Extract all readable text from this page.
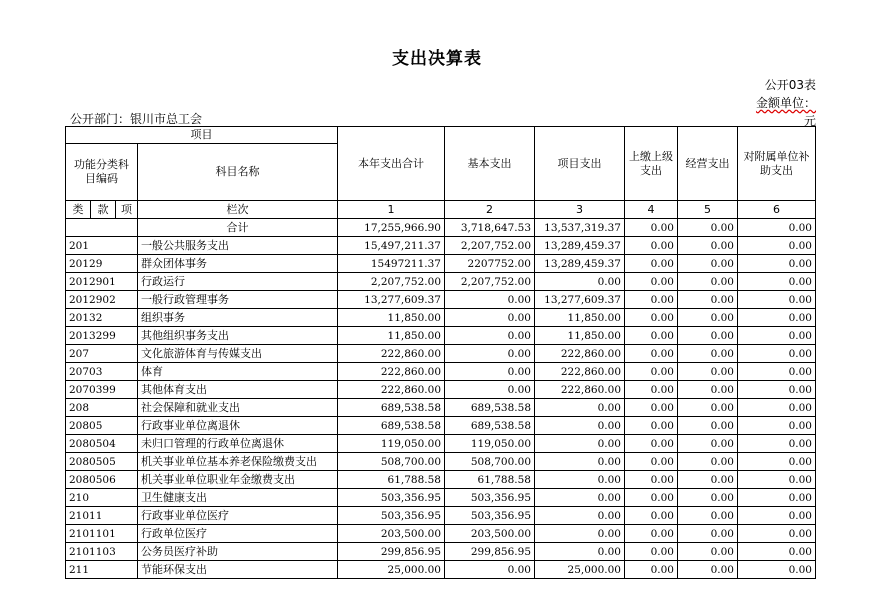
支出决算表
公开03表
金额单位：
元
公开部门：银川市总工会
项目				本年支出合计	基本支出	项目支出	上缴上级支出	经营支出	对附属单位补助支出
功能分类科目编码			科目名称						
类	款	项							
			栏次	1	2	3	4	5	6
			合计	17,255,966.90	3,718,647.53	13,537,319.37	0.00	0.00	0.00
201			一般公共服务支出	15,497,211.37	2,207,752.00	13,289,459.37	0.00	0.00	0.00
20129			群众团体事务	15497211.37	2207752.00	13,289,459.37	0.00	0.00	0.00
2012901			行政运行	2,207,752.00	2,207,752.00	0.00	0.00	0.00	0.00
2012902			一般行政管理事务	13,277,609.37	0.00	13,277,609.37	0.00	0.00	0.00
20132			组织事务	11,850.00	0.00	11,850.00	0.00	0.00	0.00
2013299			其他组织事务支出	11,850.00	0.00	11,850.00	0.00	0.00	0.00
207			文化旅游体育与传媒支出	222,860.00	0.00	222,860.00	0.00	0.00	0.00
20703			体育	222,860.00	0.00	222,860.00	0.00	0.00	0.00
2070399			其他体育支出	222,860.00	0.00	222,860.00	0.00	0.00	0.00
208			社会保障和就业支出	689,538.58	689,538.58	0.00	0.00	0.00	0.00
20805			行政事业单位离退休	689,538.58	689,538.58	0.00	0.00	0.00	0.00
2080504			未归口管理的行政单位离退休	119,050.00	119,050.00	0.00	0.00	0.00	0.00
2080505			机关事业单位基本养老保险缴费支出	508,700.00	508,700.00	0.00	0.00	0.00	0.00
2080506			机关事业单位职业年金缴费支出	61,788.58	61,788.58	0.00	0.00	0.00	0.00
210			卫生健康支出	503,356.95	503,356.95	0.00	0.00	0.00	0.00
21011			行政事业单位医疗	503,356.95	503,356.95	0.00	0.00	0.00	0.00
2101101			行政单位医疗	203,500.00	203,500.00	0.00	0.00	0.00	0.00
2101103			公务员医疗补助	299,856.95	299,856.95	0.00	0.00	0.00	0.00
211			节能环保支出	25,000.00	0.00	25,000.00	0.00	0.00	0.00
